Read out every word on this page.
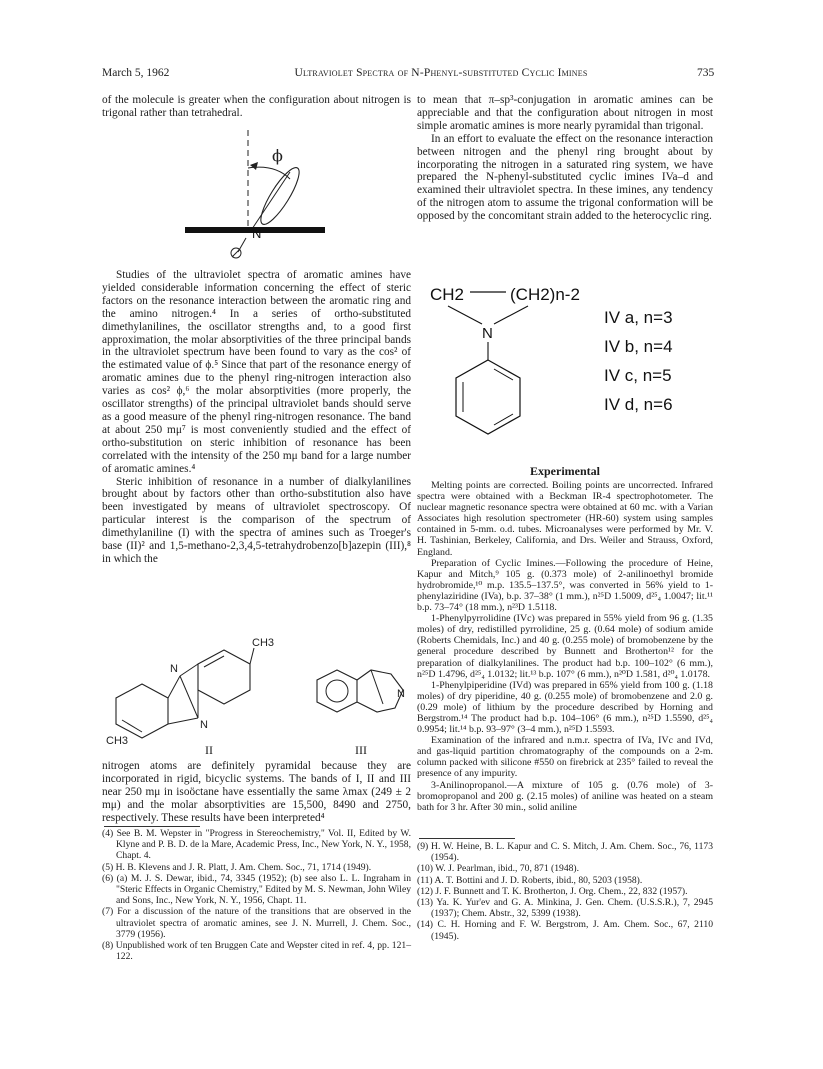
March 5, 1962	Ultraviolet Spectra of N-Phenyl-substituted Cyclic Imines	735

of the molecule is greater when the configuration about nitrogen is trigonal rather than tetrahedral.

ϕ
N

Studies of the ultraviolet spectra of aromatic amines have yielded considerable information concerning the effect of steric factors on the resonance interaction between the aromatic ring and the amino nitrogen.⁴ In a series of ortho-substituted dimethylanilines, the oscillator strengths and, to a good first approximation, the molar absorptivities of the three principal bands in the ultraviolet spectrum have been found to vary as the cos² of the estimated value of ϕ.⁵ Since that part of the resonance energy of aromatic amines due to the phenyl ring-nitrogen interaction also varies as cos² ϕ,⁶ the molar absorptivities (more properly, the oscillator strengths) of the principal ultraviolet bands should serve as a good measure of the phenyl ring-nitrogen resonance. The band at about 250 mμ⁷ is most conveniently studied and the effect of ortho-substitution on steric inhibition of resonance has been correlated with the intensity of the 250 mμ band for a large number of aromatic amines.⁴

Steric inhibition of resonance in a number of dialkylanilines brought about by factors other than ortho-substitution also have been investigated by means of ultraviolet spectroscopy. Of particular interest is the comparison of the spectrum of dimethylaniline (I) with the spectra of amines such as Troeger's base (II)² and 1,5-methano-2,3,4,5-tetrahydrobenzo[b]azepin (III),⁸ in which the

CH3
N
N
CH3
N
II	III

nitrogen atoms are definitely pyramidal because they are incorporated in rigid, bicyclic systems. The bands of I, II and III near 250 mμ in isoöctane have essentially the same λmax (249 ± 2 mμ) and the molar absorptivities are 15,500, 8490 and 2750, respectively. These results have been interpreted⁴

(4) See B. M. Wepster in "Progress in Stereochemistry," Vol. II, Edited by W. Klyne and P. B. D. de la Mare, Academic Press, Inc., New York, N. Y., 1958, Chapt. 4.

(5) H. B. Klevens and J. R. Platt, J. Am. Chem. Soc., 71, 1714 (1949).

(6) (a) M. J. S. Dewar, ibid., 74, 3345 (1952); (b) see also L. L. Ingraham in "Steric Effects in Organic Chemistry," Edited by M. S. Newman, John Wiley and Sons, Inc., New York, N. Y., 1956, Chapt. 11.

(7) For a discussion of the nature of the transitions that are observed in the ultraviolet spectra of aromatic amines, see J. N. Murrell, J. Chem. Soc., 3779 (1956).

(8) Unpublished work of ten Bruggen Cate and Wepster cited in ref. 4, pp. 121–122.

to mean that π–sp³-conjugation in aromatic amines can be appreciable and that the configuration about nitrogen in most simple aromatic amines is more nearly pyramidal than trigonal.

In an effort to evaluate the effect on the resonance interaction between nitrogen and the phenyl ring brought about by incorporating the nitrogen in a saturated ring system, we have prepared the N-phenyl-substituted cyclic imines IVa–d and examined their ultraviolet spectra. In these imines, any tendency of the nitrogen atom to assume the trigonal conformation will be opposed by the concomitant strain added to the heterocyclic ring.

CH2	(CH2)n-2
N
IV a, n=3
IV b, n=4
IV c, n=5
IV d, n=6
Experimental

Melting points are corrected. Boiling points are uncorrected. Infrared spectra were obtained with a Beckman IR-4 spectrophotometer. The nuclear magnetic resonance spectra were obtained at 60 mc. with a Varian Associates high resolution spectrometer (HR-60) system using samples contained in 5-mm. o.d. tubes. Microanalyses were performed by Mr. V. H. Tashinian, Berkeley, California, and Drs. Weiler and Strauss, Oxford, England.

Preparation of Cyclic Imines.—Following the procedure of Heine, Kapur and Mitch,⁹ 105 g. (0.373 mole) of 2-anilinoethyl bromide hydrobromide,¹⁰ m.p. 135.5–137.5°, was converted in 56% yield to 1-phenylaziridine (IVa), b.p. 37–38° (1 mm.), n²⁵D 1.5009, d²⁵₄ 1.0047; lit.¹¹ b.p. 73–74° (18 mm.), n²³D 1.5118.

1-Phenylpyrrolidine (IVc) was prepared in 55% yield from 96 g. (1.35 moles) of dry, redistilled pyrrolidine, 25 g. (0.64 mole) of sodium amide (Roberts Chemidals, Inc.) and 40 g. (0.255 mole) of bromobenzene by the general procedure described by Bunnett and Brotherton¹² for the preparation of dialkylanilines. The product had b.p. 100–102° (6 mm.), n²⁵D 1.4796, d²⁵₄ 1.0132; lit.¹³ b.p. 107° (6 mm.), n²⁰D 1.581, d²⁰₄ 1.0178.

1-Phenylpiperidine (IVd) was prepared in 65% yield from 100 g. (1.18 moles) of dry piperidine, 40 g. (0.255 mole) of bromobenzene and 2.0 g. (0.29 mole) of lithium by the procedure described by Horning and Bergstrom.¹⁴ The product had b.p. 104–106° (6 mm.), n²⁵D 1.5590, d²⁵₄ 0.9954; lit.¹⁴ b.p. 93–97° (3–4 mm.), n²⁵D 1.5593.

Examination of the infrared and n.m.r. spectra of IVa, IVc and IVd, and gas-liquid partition chromatography of the compounds on a 2-m. column packed with silicone #550 on firebrick at 235° failed to reveal the presence of any impurity.

3-Anilinopropanol.—A mixture of 105 g. (0.76 mole) of 3-bromopropanol and 200 g. (2.15 moles) of aniline was heated on a steam bath for 3 hr. After 30 min., solid aniline

(9) H. W. Heine, B. L. Kapur and C. S. Mitch, J. Am. Chem. Soc., 76, 1173 (1954).

(10) W. J. Pearlman, ibid., 70, 871 (1948).

(11) A. T. Bottini and J. D. Roberts, ibid., 80, 5203 (1958).

(12) J. F. Bunnett and T. K. Brotherton, J. Org. Chem., 22, 832 (1957).

(13) Ya. K. Yur'ev and G. A. Minkina, J. Gen. Chem. (U.S.S.R.), 7, 2945 (1937); Chem. Abstr., 32, 5399 (1938).

(14) C. H. Horning and F. W. Bergstrom, J. Am. Chem. Soc., 67, 2110 (1945).
